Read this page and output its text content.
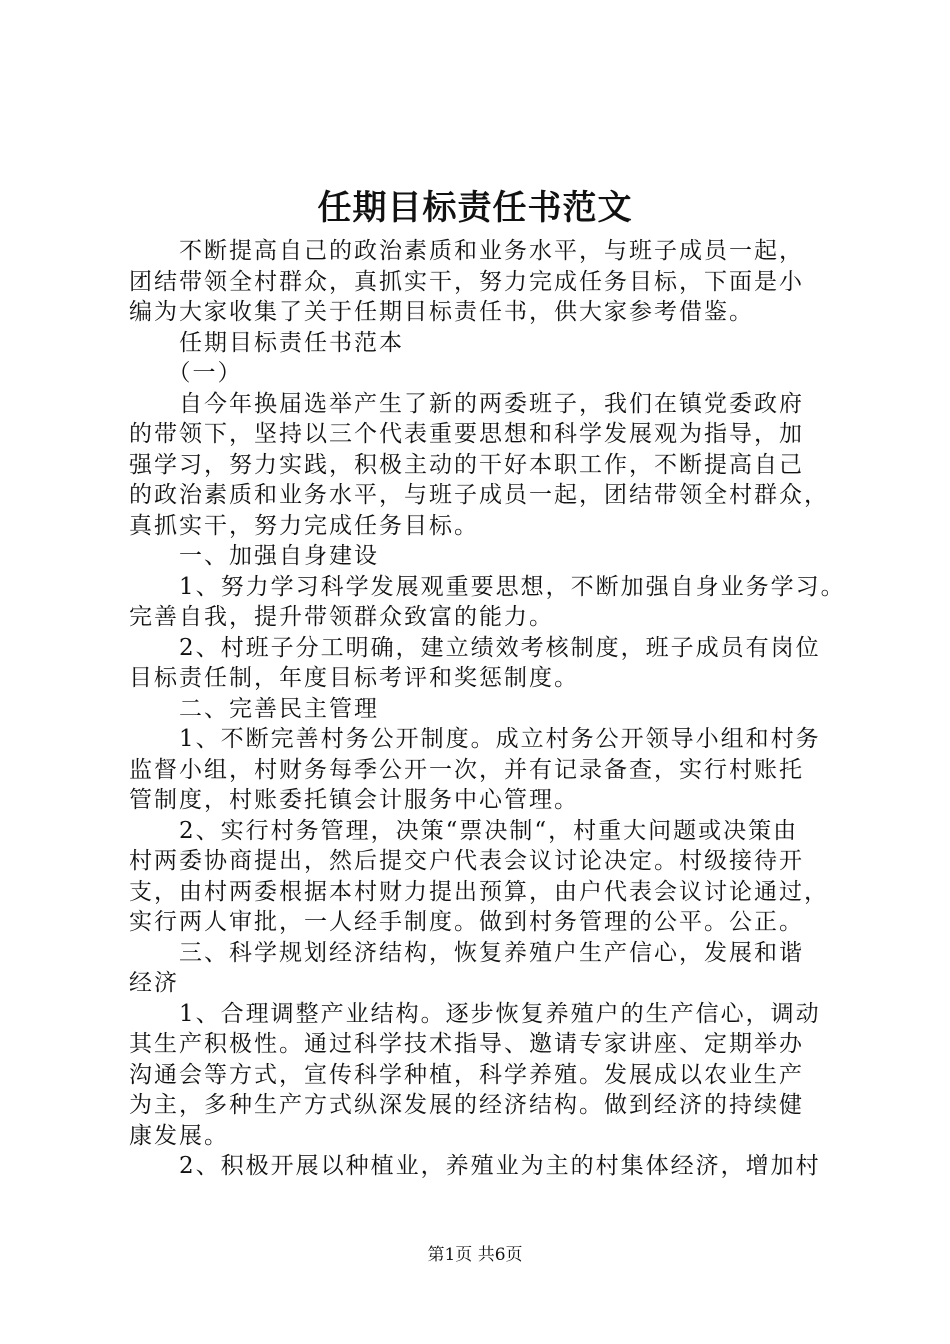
任期目标责任书范文
　　不断提高自己的政治素质和业务水平，与班子成员一起，
团结带领全村群众，真抓实干，努力完成任务目标，下面是小
编为大家收集了关于任期目标责任书，供大家参考借鉴。
　　任期目标责任书范本
　　（一）
　　自今年换届选举产生了新的两委班子，我们在镇党委政府
的带领下，坚持以三个代表重要思想和科学发展观为指导，加
强学习，努力实践，积极主动的干好本职工作，不断提高自己
的政治素质和业务水平，与班子成员一起，团结带领全村群众，
真抓实干，努力完成任务目标。
　　一、加强自身建设
　　1、努力学习科学发展观重要思想，不断加强自身业务学习。
完善自我，提升带领群众致富的能力。
　　2、村班子分工明确，建立绩效考核制度，班子成员有岗位
目标责任制，年度目标考评和奖惩制度。
　　二、完善民主管理
　　1、不断完善村务公开制度。成立村务公开领导小组和村务
监督小组，村财务每季公开一次，并有记录备查，实行村账托
管制度，村账委托镇会计服务中心管理。
　　2、实行村务管理，决策“票决制“，村重大问题或决策由
村两委协商提出，然后提交户代表会议讨论决定。村级接待开
支，由村两委根据本村财力提出预算，由户代表会议讨论通过，
实行两人审批，一人经手制度。做到村务管理的公平。公正。
　　三、科学规划经济结构，恢复养殖户生产信心，发展和谐
经济
　　1、合理调整产业结构。逐步恢复养殖户的生产信心，调动
其生产积极性。通过科学技术指导、邀请专家讲座、定期举办
沟通会等方式，宣传科学种植，科学养殖。发展成以农业生产
为主，多种生产方式纵深发展的经济结构。做到经济的持续健
康发展。
　　2、积极开展以种植业，养殖业为主的村集体经济，增加村
第1页 共6页
